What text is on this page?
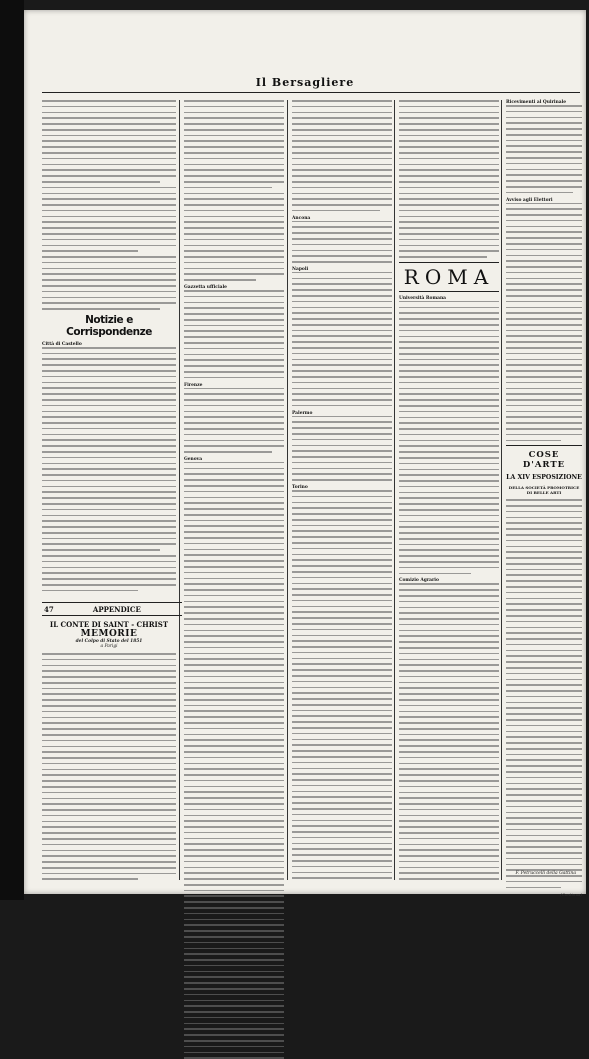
Il Bersagliere
Notizie e Corrispondenze
Città di Castello
47	APPENDICE
IL CONTE DI SAINT - CHRIST
MEMORIE
del Colpo di Stato del 1851
a Parigi
Gazzetta ufficiale
Firenze
Genova
Ancona
Napoli
Palermo
Torino
ROMA
Università Romana
Comizio Agrario
Ricevimenti al Quirinale
Avviso agli Elettori
COSE D'ARTE
LA XIV ESPOSIZIONE
DELLA SOCIETÀ PROMOTRICE DI BELLE ARTI
(Continua)
F. Petruccelli della Gattina
